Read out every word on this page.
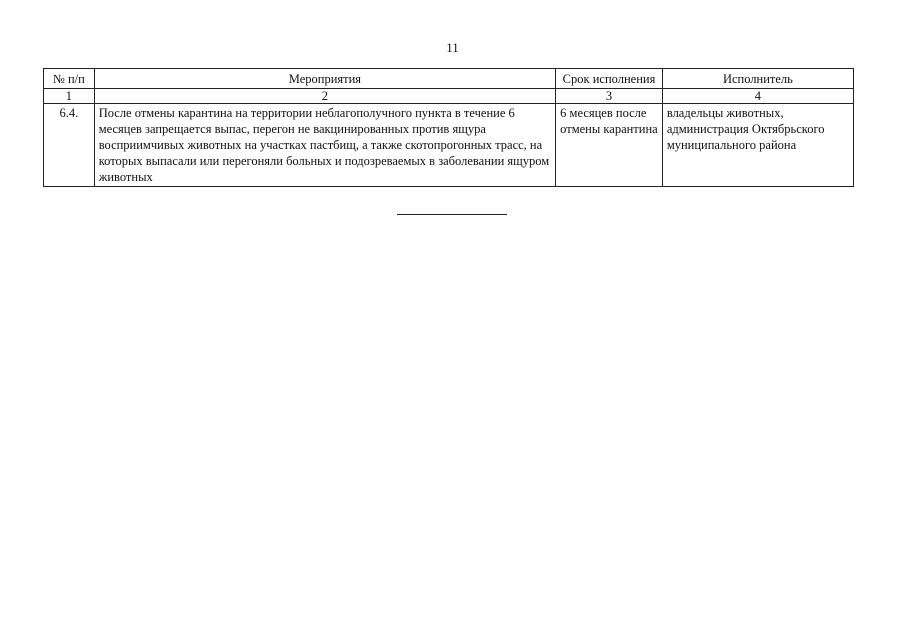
11
№ п/п	Мероприятия	Срок исполнения	Исполнитель
1	2	3	4
6.4.	После отмены карантина на территории неблагополучного пункта в течение 6 месяцев запрещается выпас, перегон не вакцинированных против ящура восприимчивых животных на участках пастбищ, а также скотопрогонных трасс, на которых выпасали или перегоняли больных и подозреваемых в заболевании ящуром животных	6 месяцев после отмены карантина	владельцы животных, администрация Октябрьского муниципального района
